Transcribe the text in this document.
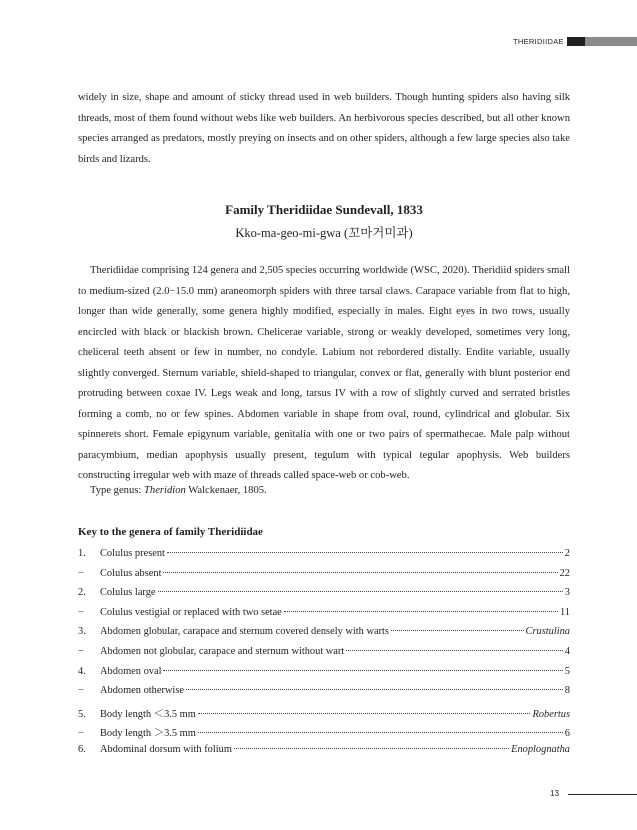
THERIDIIDAE

widely in size, shape and amount of sticky thread used in web builders. Though hunting spiders also having silk threads, most of them found without webs like web builders. An herbivorous species described, but all other known species arranged as predators, mostly preying on insects and on other spiders, although a few large species also take birds and lizards.

Family Theridiidae Sundevall, 1833

Kko-ma-geo-mi-gwa (꼬마거미과)

Theridiidae comprising 124 genera and 2,505 species occurring worldwide (WSC, 2020). Theridiid spiders small to medium-sized (2.0−15.0 mm) araneomorph spiders with three tarsal claws. Carapace variable from flat to high, longer than wide generally, some genera highly modified, especially in males. Eight eyes in two rows, usually encircled with black or blackish brown. Chelicerae variable, strong or weakly developed, sometimes very long, cheliceral teeth absent or few in number, no condyle. Labium not rebordered distally. Endite variable, usually slightly converged. Sternum variable, shield-shaped to triangular, convex or flat, generally with blunt posterior end protruding between coxae IV. Legs weak and long, tarsus IV with a row of slightly curved and serrated bristles forming a comb, no or few spines. Abdomen variable in shape from oval, round, cylindrical and globular. Six spinnerets short. Female epigynum variable, genitalia with one or two pairs of spermathecae. Male palp without paracymbium, median apophysis usually present, tegulum with typical tegular apophysis. Web builders constructing irregular web with maze of threads called space-web or cob-web.

Type genus: Theridion Walckenaer, 1805.

Key to the genera of family Theridiidae

1.	Colulus present	2
−	Colulus absent	22
2.	Colulus large	3
−	Colulus vestigial or replaced with two setae	11
3.	Abdomen globular, carapace and sternum covered densely with warts	Crustulina
−	Abdomen not globular, carapace and sternum without wart	4
4.	Abdomen oval	5
−	Abdomen otherwise	8
5.	Body length ＜3.5 mm	Robertus
−	Body length ＞3.5 mm	6
6.	Abdominal dorsum with folium	Enoplognatha
13
